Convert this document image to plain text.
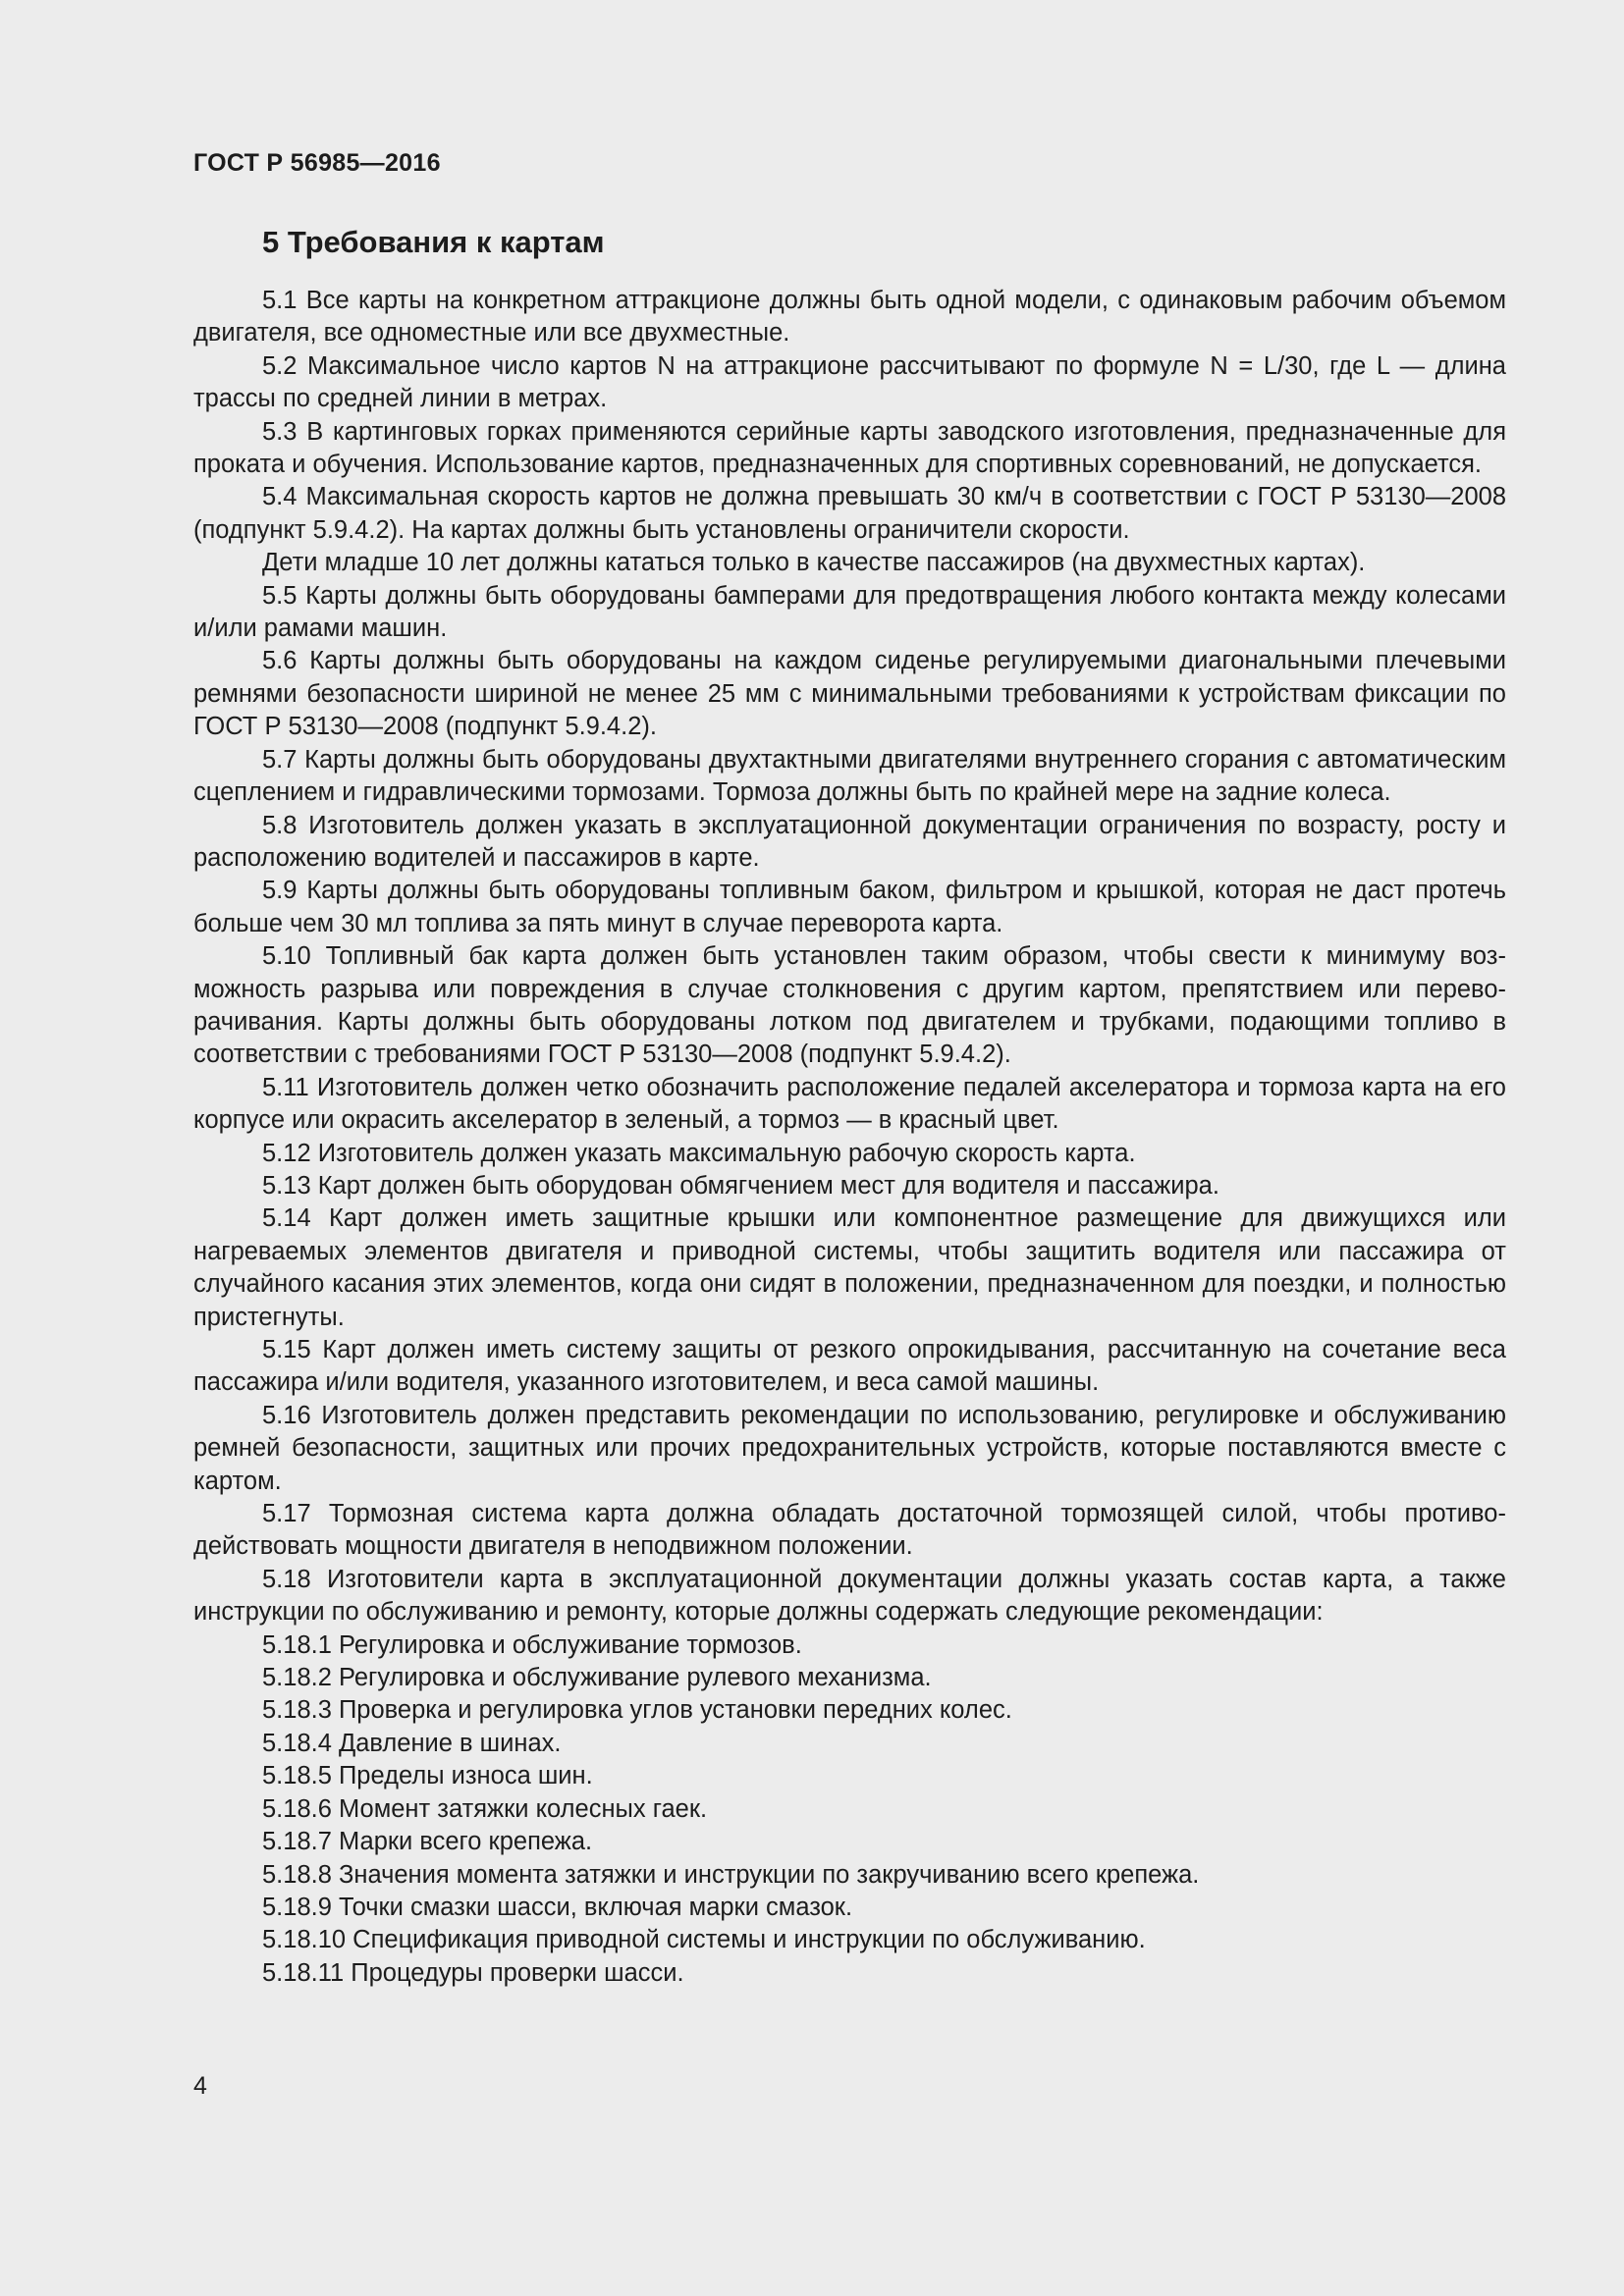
ГОСТ Р 56985—2016
5 Требования к картам

5.1 Все карты на конкретном аттракционе должны быть одной модели, с одинаковым рабочим объемом двигателя, все одноместные или все двухместные.

5.2 Максимальное число картов N на аттракционе рассчитывают по формуле N = L/30, где L — длина трассы по средней линии в метрах.

5.3 В картинговых горках применяются серийные карты заводского изготовления, предназначенные для проката и обучения. Использование картов, предназначенных для спортивных соревнований, не допускается.

5.4 Максимальная скорость картов не должна превышать 30 км/ч в соответствии с ГОСТ Р 53130—2008 (подпункт 5.9.4.2). На картах должны быть установлены ограничители скорости.

Дети младше 10 лет должны кататься только в качестве пассажиров (на двухместных картах).

5.5 Карты должны быть оборудованы бамперами для предотвращения любого контакта между колесами и/или рамами машин.

5.6 Карты должны быть оборудованы на каждом сиденье регулируемыми диагональными плечевыми ремнями безопасности шириной не менее 25 мм с минимальными требованиями к устройствам фиксации по ГОСТ Р 53130—2008 (подпункт 5.9.4.2).

5.7 Карты должны быть оборудованы двухтактными двигателями внутреннего сгорания с автоматическим сцеплением и гидравлическими тормозами. Тормоза должны быть по крайней мере на задние колеса.

5.8 Изготовитель должен указать в эксплуатационной документации ограничения по возрасту, росту и расположению водителей и пассажиров в карте.

5.9 Карты должны быть оборудованы топливным баком, фильтром и крышкой, которая не даст протечь больше чем 30 мл топлива за пять минут в случае переворота карта.

5.10 Топливный бак карта должен быть установлен таким образом, чтобы свести к минимуму возможность разрыва или повреждения в случае столкновения с другим картом, препятствием или переворачивания. Карты должны быть оборудованы лотком под двигателем и трубками, подающими топливо в соответствии с требованиями ГОСТ Р 53130—2008 (подпункт 5.9.4.2).

5.11 Изготовитель должен четко обозначить расположение педалей акселератора и тормоза карта на его корпусе или окрасить акселератор в зеленый, а тормоз — в красный цвет.

5.12 Изготовитель должен указать максимальную рабочую скорость карта.

5.13 Карт должен быть оборудован обмягчением мест для водителя и пассажира.

5.14 Карт должен иметь защитные крышки или компонентное размещение для движущихся или нагреваемых элементов двигателя и приводной системы, чтобы защитить водителя или пассажира от случайного касания этих элементов, когда они сидят в положении, предназначенном для поездки, и полностью пристегнуты.

5.15 Карт должен иметь систему защиты от резкого опрокидывания, рассчитанную на сочетание веса пассажира и/или водителя, указанного изготовителем, и веса самой машины.

5.16 Изготовитель должен представить рекомендации по использованию, регулировке и обслуживанию ремней безопасности, защитных или прочих предохранительных устройств, которые поставляются вместе с картом.

5.17 Тормозная система карта должна обладать достаточной тормозящей силой, чтобы противодействовать мощности двигателя в неподвижном положении.

5.18 Изготовители карта в эксплуатационной документации должны указать состав карта, а также инструкции по обслуживанию и ремонту, которые должны содержать следующие рекомендации:

5.18.1 Регулировка и обслуживание тормозов.

5.18.2 Регулировка и обслуживание рулевого механизма.

5.18.3 Проверка и регулировка углов установки передних колес.

5.18.4 Давление в шинах.

5.18.5 Пределы износа шин.

5.18.6 Момент затяжки колесных гаек.

5.18.7 Марки всего крепежа.

5.18.8 Значения момента затяжки и инструкции по закручиванию всего крепежа.

5.18.9 Точки смазки шасси, включая марки смазок.

5.18.10 Спецификация приводной системы и инструкции по обслуживанию.

5.18.11 Процедуры проверки шасси.

4
